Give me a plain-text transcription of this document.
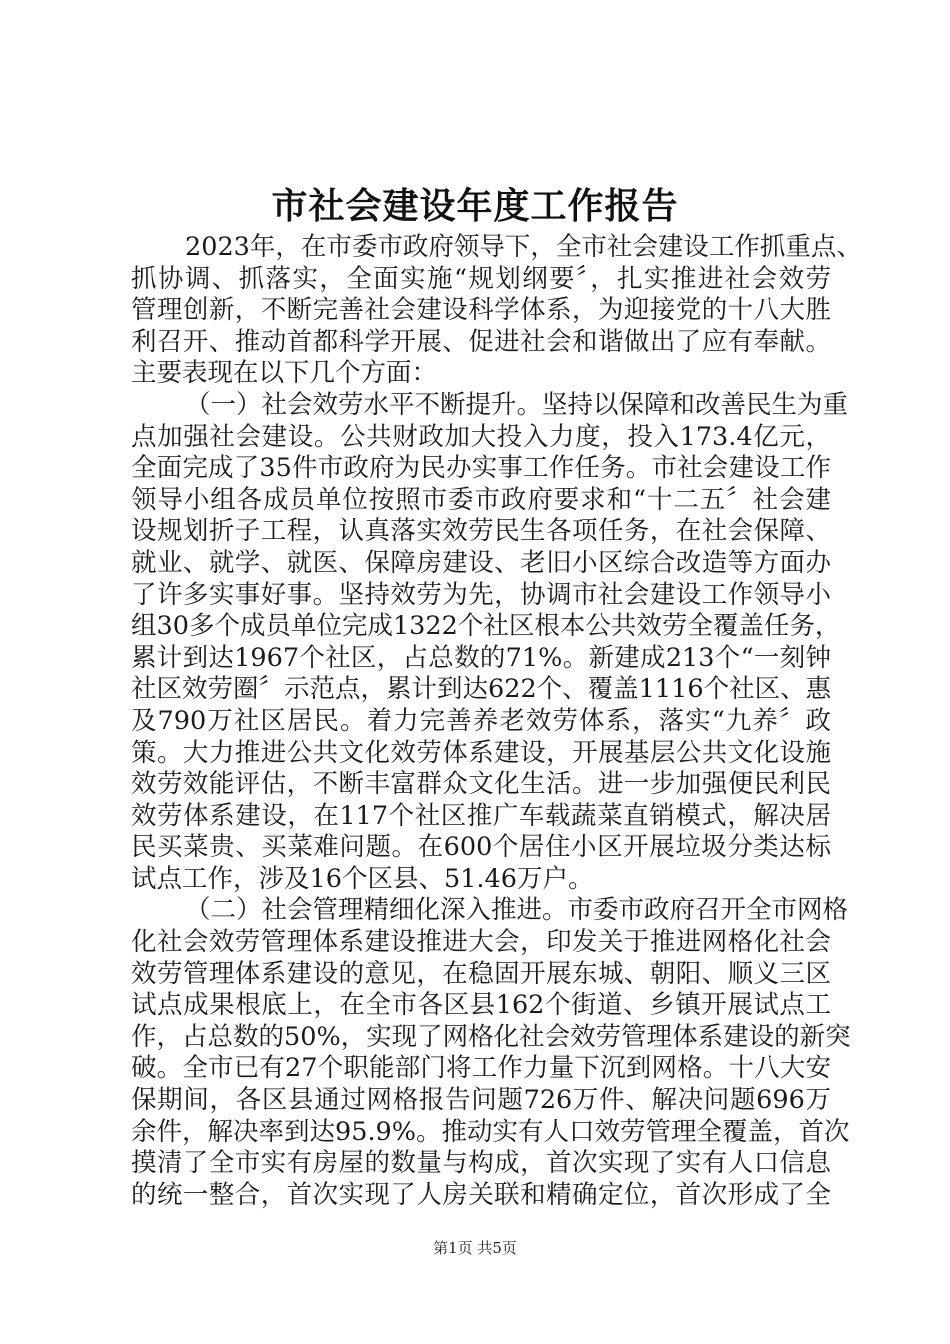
市社会建设年度工作报告
2023年，在市委市政府领导下，全市社会建设工作抓重点、
抓协调、抓落实，全面实施“规划纲要〞，扎实推进社会效劳
管理创新，不断完善社会建设科学体系，为迎接党的十八大胜
利召开、推动首都科学开展、促进社会和谐做出了应有奉献。
主要表现在以下几个方面：
（一）社会效劳水平不断提升。坚持以保障和改善民生为重
点加强社会建设。公共财政加大投入力度，投入173.4亿元，
全面完成了35件市政府为民办实事工作任务。市社会建设工作
领导小组各成员单位按照市委市政府要求和“十二五〞社会建
设规划折子工程，认真落实效劳民生各项任务，在社会保障、
就业、就学、就医、保障房建设、老旧小区综合改造等方面办
了许多实事好事。坚持效劳为先，协调市社会建设工作领导小
组30多个成员单位完成1322个社区根本公共效劳全覆盖任务，
累计到达1967个社区，占总数的71%。新建成213个“一刻钟
社区效劳圈〞示范点，累计到达622个、覆盖1116个社区、惠
及790万社区居民。着力完善养老效劳体系，落实“九养〞政
策。大力推进公共文化效劳体系建设，开展基层公共文化设施
效劳效能评估，不断丰富群众文化生活。进一步加强便民利民
效劳体系建设，在117个社区推广车载蔬菜直销模式，解决居
民买菜贵、买菜难问题。在600个居住小区开展垃圾分类达标
试点工作，涉及16个区县、51.46万户。
（二）社会管理精细化深入推进。市委市政府召开全市网格
化社会效劳管理体系建设推进大会，印发关于推进网格化社会
效劳管理体系建设的意见，在稳固开展东城、朝阳、顺义三区
试点成果根底上，在全市各区县162个街道、乡镇开展试点工
作，占总数的50%，实现了网格化社会效劳管理体系建设的新突
破。全市已有27个职能部门将工作力量下沉到网格。十八大安
保期间，各区县通过网格报告问题726万件、解决问题696万
余件，解决率到达95.9%。推动实有人口效劳管理全覆盖，首次
摸清了全市实有房屋的数量与构成，首次实现了实有人口信息
的统一整合，首次实现了人房关联和精确定位，首次形成了全
第1页 共5页
